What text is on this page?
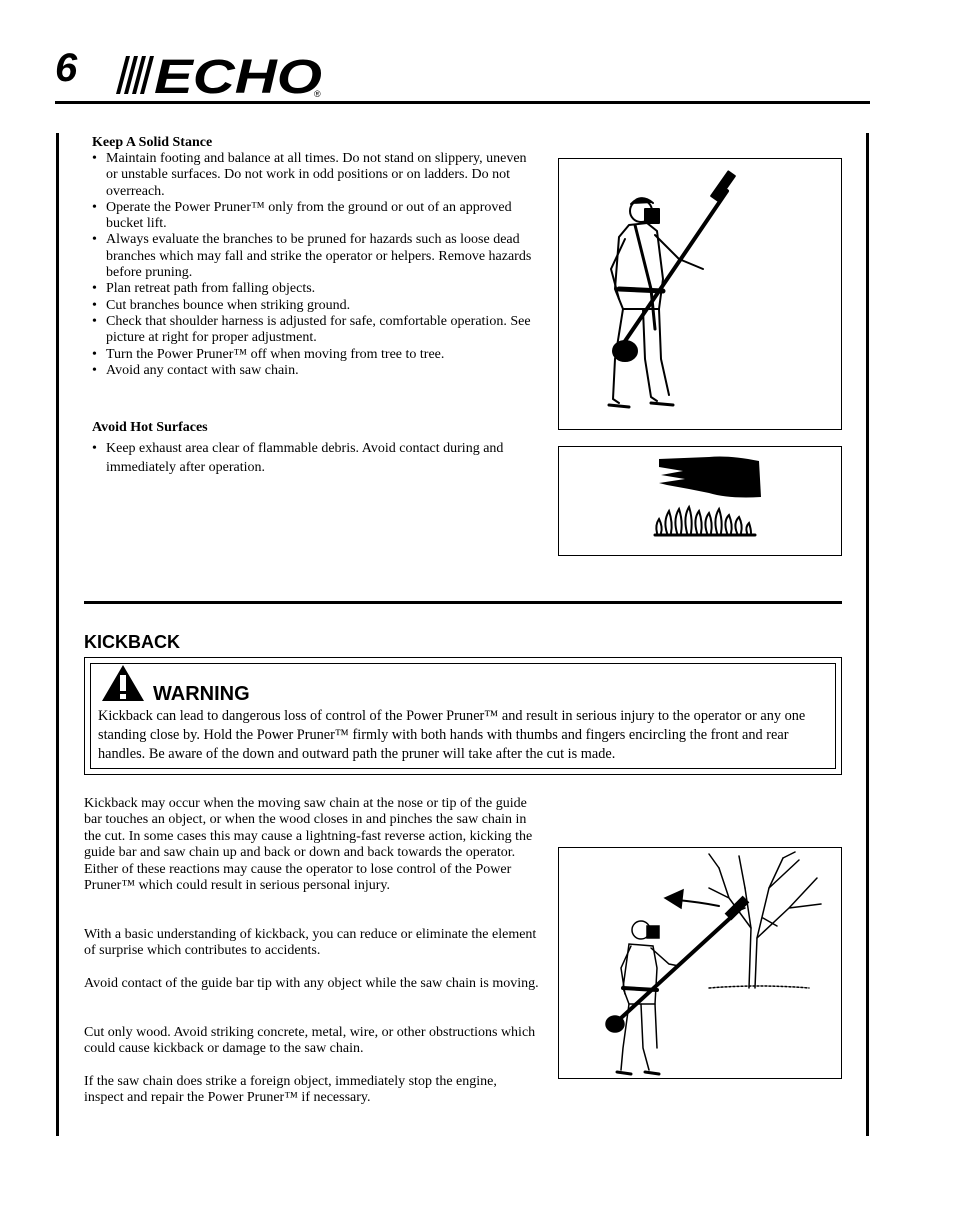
6 ECHO
®
Keep A Solid Stance
• Maintain footing and balance at all times. Do not stand on slippery, uneven or unstable surfaces. Do not work in odd positions or on ladders. Do not overreach.
• Operate the Power Pruner™ only from the ground or out of an approved bucket lift.
• Always evaluate the branches to be pruned for hazards such as loose dead branches which may fall and strike the operator or helpers. Remove hazards before pruning.
• Plan retreat path from falling objects.
• Cut branches bounce when striking ground.
• Check that shoulder harness is adjusted for safe, comfortable operation. See picture at right for proper adjustment.
• Turn the Power Pruner™ off when moving from tree to tree.
• Avoid any contact with saw chain.
Avoid Hot Surfaces
• Keep exhaust area clear of flammable debris. Avoid contact during and immediately after operation.
KICKBACK
WARNING
Kickback can lead to dangerous loss of control of the Power Pruner™ and result in serious injury to the operator or any one standing close by. Hold the Power Pruner™ firmly with both hands with thumbs and fingers encircling the front and rear handles. Be aware of the down and outward path the pruner will take after the cut is made.
Kickback may occur when the moving saw chain at the nose or tip of the guide bar touches an object, or when the wood closes in and pinches the saw chain in the cut. In some cases this may cause a lightning-fast reverse action, kicking the guide bar and saw chain up and back or down and back towards the operator. Either of these reactions may cause the operator to lose control of the Power Pruner™ which could result in serious personal injury.
With a basic understanding of kickback, you can reduce or eliminate the element of surprise which contributes to accidents.
Avoid contact of the guide bar tip with any object while the saw chain is moving.
Cut only wood. Avoid striking concrete, metal, wire, or other obstructions which could cause kickback or damage to the saw chain.
If the saw chain does strike a foreign object, immediately stop the engine, inspect and repair the Power Pruner™ if necessary.
